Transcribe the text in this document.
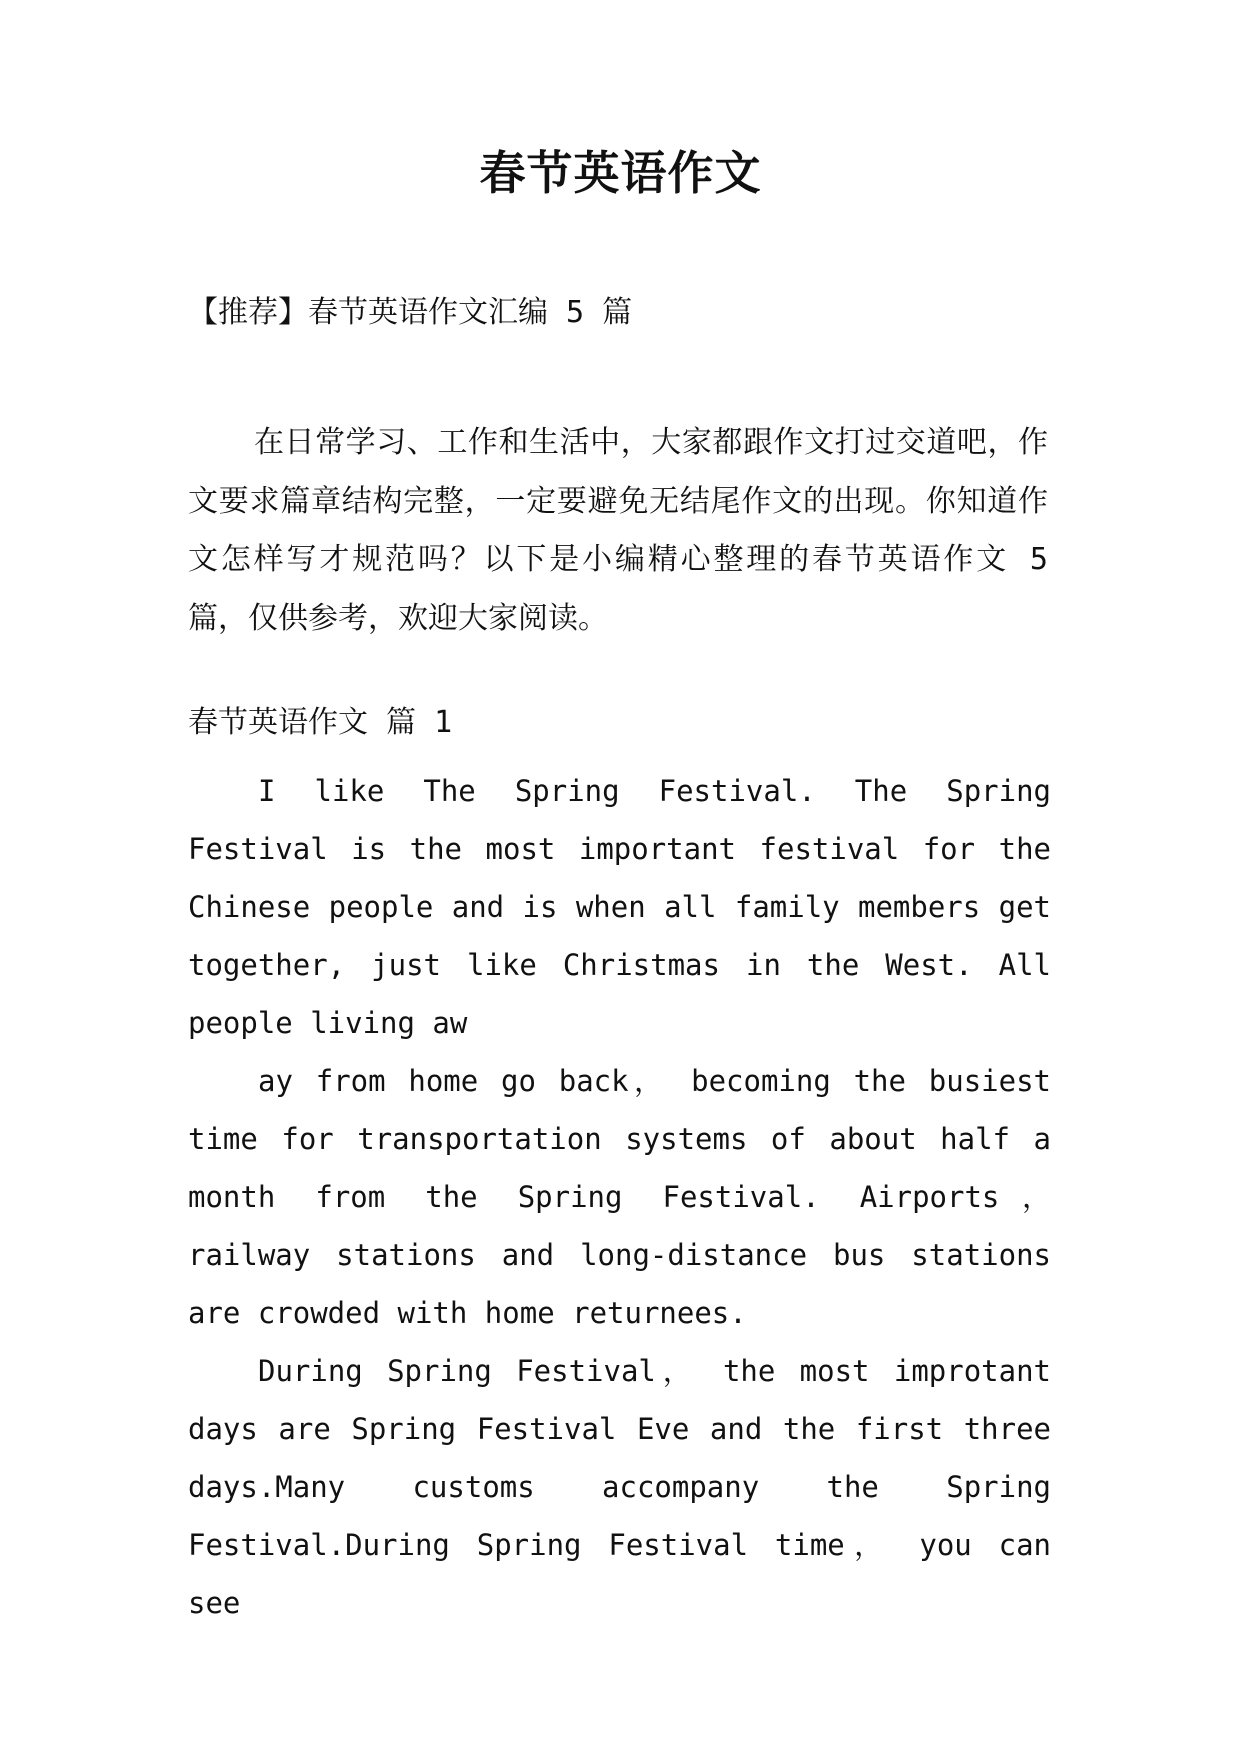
春节英语作文
【推荐】春节英语作文汇编 5 篇

在日常学习、工作和生活中，大家都跟作文打过交道吧，作文要求篇章结构完整，一定要避免无结尾作文的出现。你知道作文怎样写才规范吗？以下是小编精心整理的春节英语作文 5 篇，仅供参考，欢迎大家阅读。

春节英语作文 篇 1

I like The Spring Festival. The Spring Festival is the most important festival for the Chinese people and is when all family members get together, just like Christmas in the West. All people living aw

ay from home go back， becoming the busiest time for transportation systems of about half a month from the Spring Festival. Airports， railway stations and long-distance bus stations are crowded with home returnees.

During Spring Festival， the most improtant days are Spring Festival Eve and the first three days.Many customs accompany the Spring Festival.During Spring Festival time， you can see
